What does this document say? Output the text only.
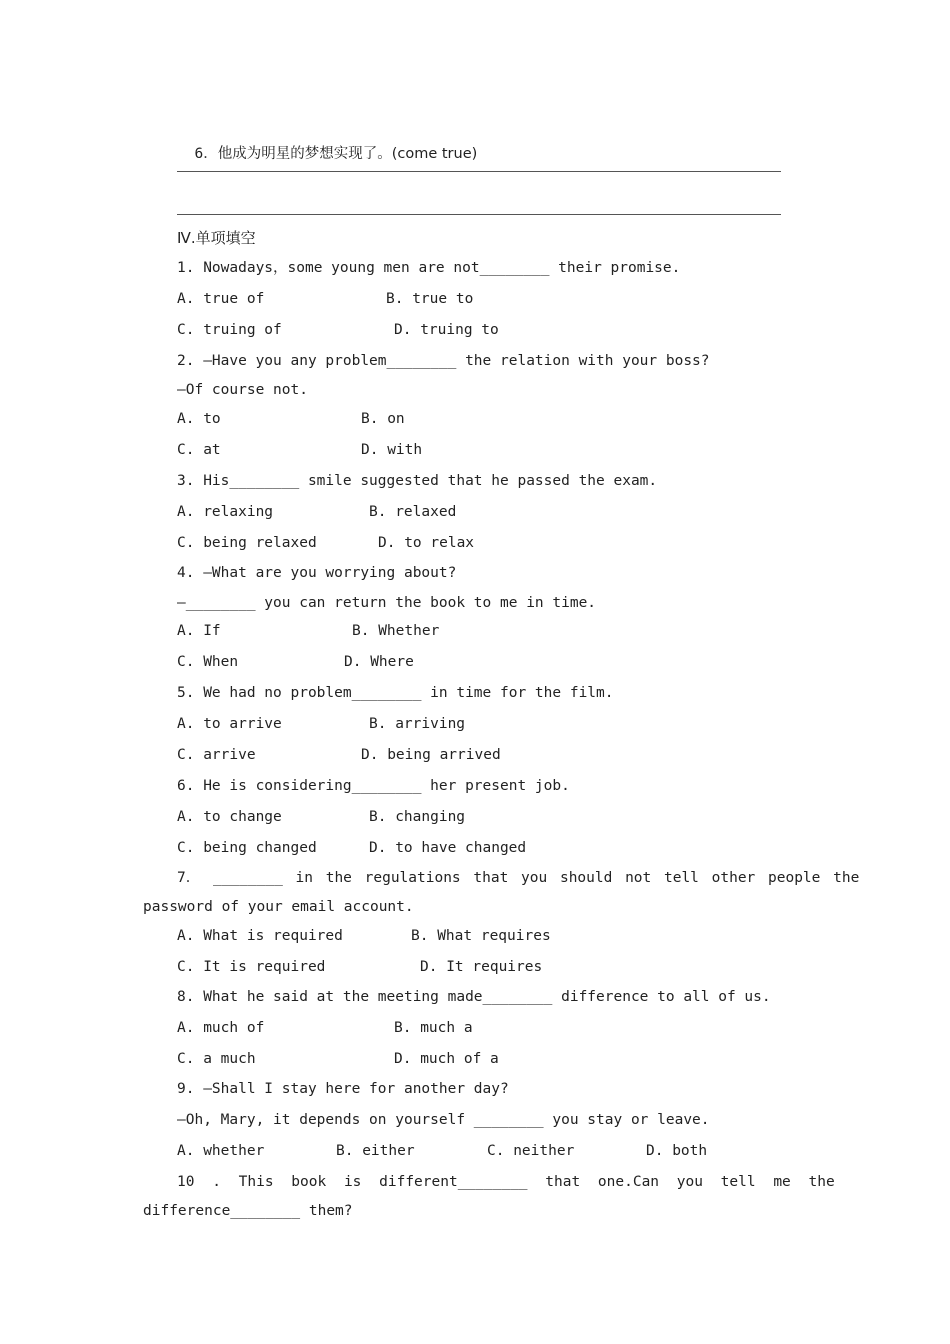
6．他成为明星的梦想实现了。(come true)

Ⅳ.单项填空
1. Nowadays，some young men are not________ their promise.
A. true of	B. true to
C. truing of	D. truing to
2. —Have you any problem________ the relation with your boss?
—Of course not.
A. to	B. on
C. at	D. with
3. His________ smile suggested that he passed the exam.
A. relaxing	B. relaxed
C. being relaxed	D. to relax
4. —What are you worrying about?
—________ you can return the book to me in time.
A. If	B. Whether
C. When	D. Where
5. We had no problem________ in time for the film.
A. to arrive	B. arriving
C. arrive	D. being arrived
6. He is considering________ her present job.
A. to change	B. changing
C. being changed	D. to have changed
7． ________ in the regulations that you should not tell other people the
password of your email account.
A. What is required	B. What requires
C. It is required	D. It requires
8. What he said at the meeting made________ difference to all of us.
A. much of	B. much a
C. a much	D. much of a
9. —Shall I stay here for another day?
—Oh, Mary, it depends on yourself ________ you stay or leave.
A. whether	B. either	C. neither	D. both
10 . This book is different________ that one.Can you tell me the
difference________ them?
